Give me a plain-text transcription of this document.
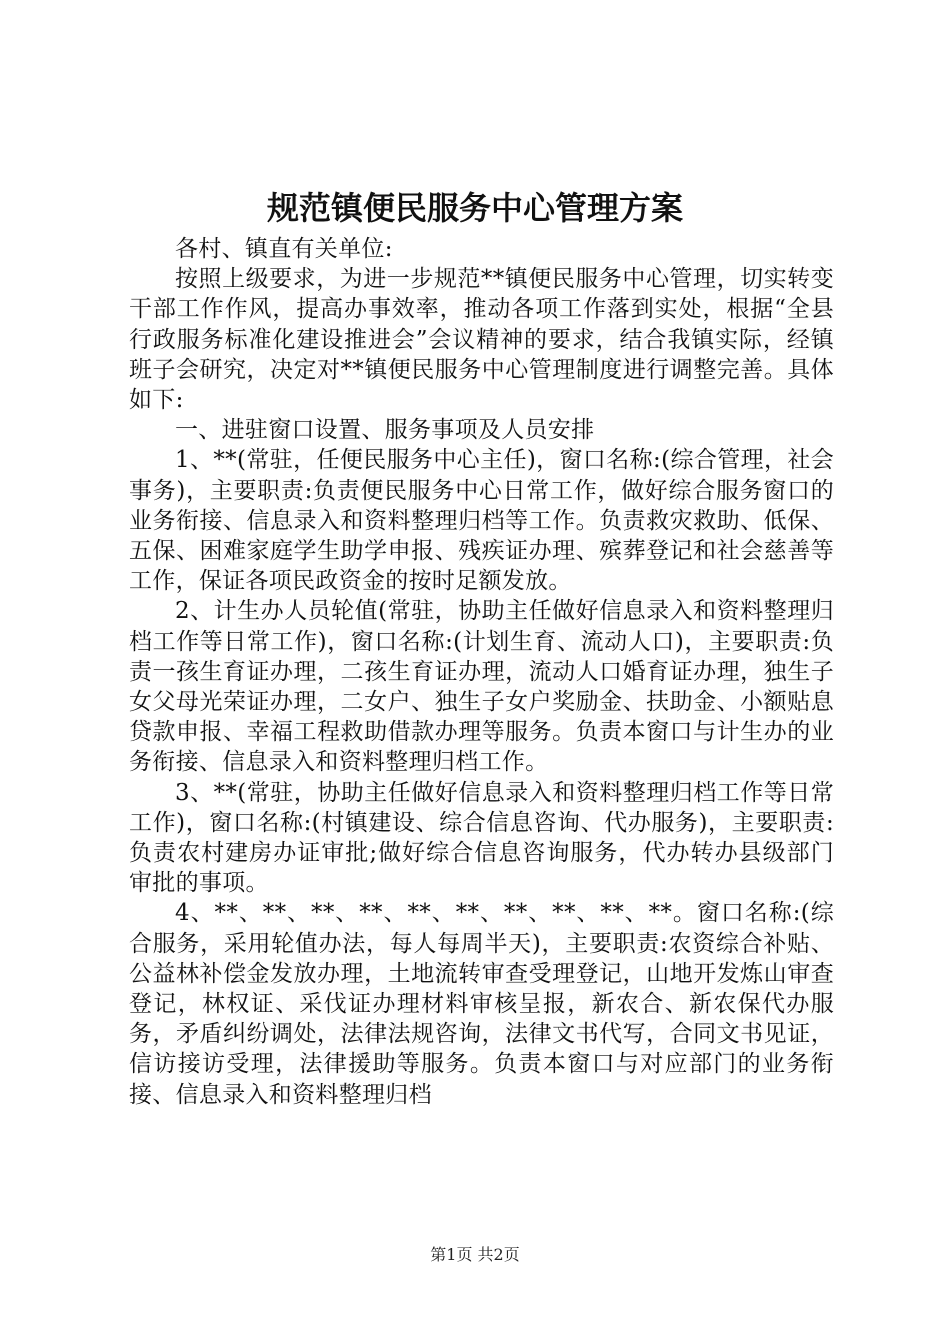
规范镇便民服务中心管理方案

各村、镇直有关单位:

按照上级要求，为进一步规范**镇便民服务中心管理，切实转变干部工作作风，提高办事效率，推动各项工作落到实处，根据“全县行政服务标准化建设推进会”会议精神的要求，结合我镇实际，经镇班子会研究，决定对**镇便民服务中心管理制度进行调整完善。具体如下:

一、进驻窗口设置、服务事项及人员安排

1、**(常驻，任便民服务中心主任)，窗口名称:(综合管理，社会事务)，主要职责:负责便民服务中心日常工作，做好综合服务窗口的业务衔接、信息录入和资料整理归档等工作。负责救灾救助、低保、五保、困难家庭学生助学申报、残疾证办理、殡葬登记和社会慈善等工作，保证各项民政资金的按时足额发放。

2、计生办人员轮值(常驻，协助主任做好信息录入和资料整理归档工作等日常工作)，窗口名称:(计划生育、流动人口)，主要职责:负责一孩生育证办理，二孩生育证办理，流动人口婚育证办理，独生子女父母光荣证办理，二女户、独生子女户奖励金、扶助金、小额贴息贷款申报、幸福工程救助借款办理等服务。负责本窗口与计生办的业务衔接、信息录入和资料整理归档工作。

3、**(常驻，协助主任做好信息录入和资料整理归档工作等日常工作)，窗口名称:(村镇建设、综合信息咨询、代办服务)，主要职责:负责农村建房办证审批;做好综合信息咨询服务，代办转办县级部门审批的事项。

4、**、**、**、**、**、**、**、**、**、**。窗口名称:(综合服务，采用轮值办法，每人每周半天)，主要职责:农资综合补贴、公益林补偿金发放办理，土地流转审查受理登记，山地开发炼山审查登记，林权证、采伐证办理材料审核呈报，新农合、新农保代办服务，矛盾纠纷调处，法律法规咨询，法律文书代写，合同文书见证，信访接访受理，法律援助等服务。负责本窗口与对应部门的业务衔接、信息录入和资料整理归档

第1页 共2页
